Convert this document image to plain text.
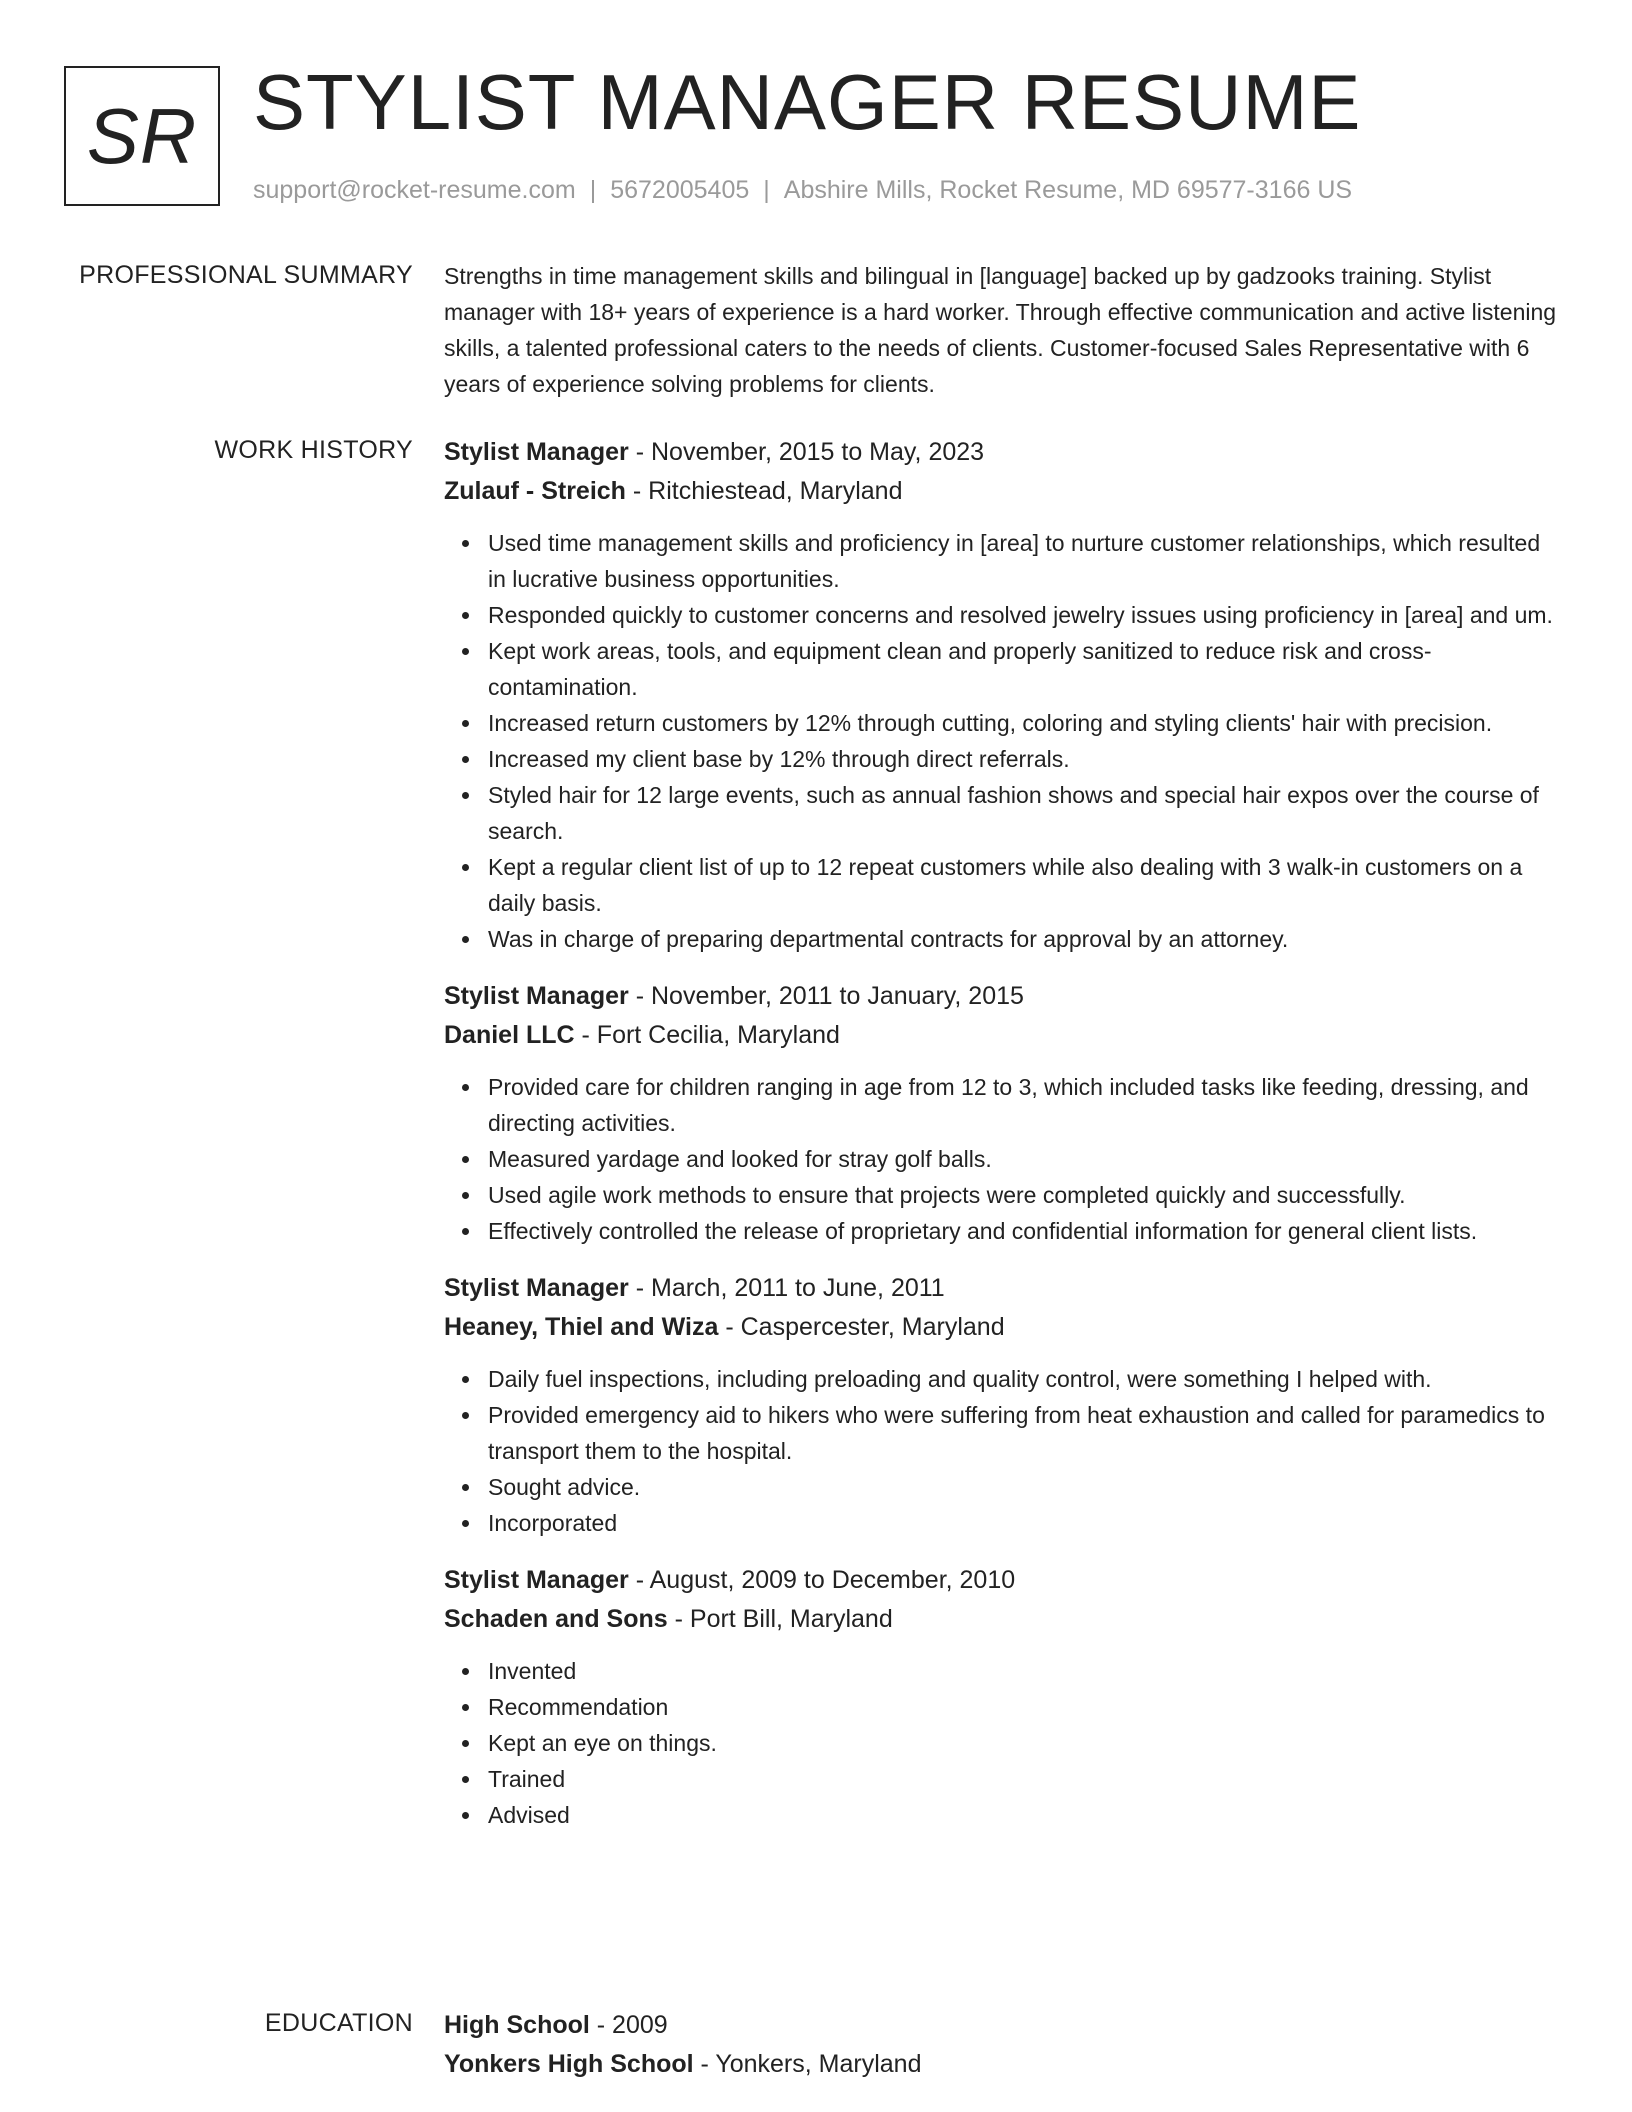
SR STYLIST MANAGER RESUME
support@rocket-resume.com | 5672005405 | Abshire Mills, Rocket Resume, MD 69577-3166 US
PROFESSIONAL SUMMARY Strengths in time management skills and bilingual in [language] backed up by gadzooks training. Stylist manager with 18+ years of experience is a hard worker. Through effective communication and active listening skills, a talented professional caters to the needs of clients. Customer-focused Sales Representative with 6 years of experience solving problems for clients.

WORK HISTORY Stylist Manager - November, 2015 to May, 2023
Zulauf - Streich - Ritchiestead, Maryland
Used time management skills and proficiency in [area] to nurture customer relationships, which resulted in lucrative business opportunities.
Responded quickly to customer concerns and resolved jewelry issues using proficiency in [area] and um.
Kept work areas, tools, and equipment clean and properly sanitized to reduce risk and cross-contamination.
Increased return customers by 12% through cutting, coloring and styling clients' hair with precision.
Increased my client base by 12% through direct referrals.
Styled hair for 12 large events, such as annual fashion shows and special hair expos over the course of search.
Kept a regular client list of up to 12 repeat customers while also dealing with 3 walk-in customers on a daily basis.
Was in charge of preparing departmental contracts for approval by an attorney.
Stylist Manager - November, 2011 to January, 2015
Daniel LLC - Fort Cecilia, Maryland
Provided care for children ranging in age from 12 to 3, which included tasks like feeding, dressing, and directing activities.
Measured yardage and looked for stray golf balls.
Used agile work methods to ensure that projects were completed quickly and successfully.
Effectively controlled the release of proprietary and confidential information for general client lists.
Stylist Manager - March, 2011 to June, 2011
Heaney, Thiel and Wiza - Caspercester, Maryland
Daily fuel inspections, including preloading and quality control, were something I helped with.
Provided emergency aid to hikers who were suffering from heat exhaustion and called for paramedics to transport them to the hospital.
Sought advice.
Incorporated
Stylist Manager - August, 2009 to December, 2010
Schaden and Sons - Port Bill, Maryland
Invented
Recommendation
Kept an eye on things.
Trained
Advised
EDUCATION High School - 2009
Yonkers High School - Yonkers, Maryland
